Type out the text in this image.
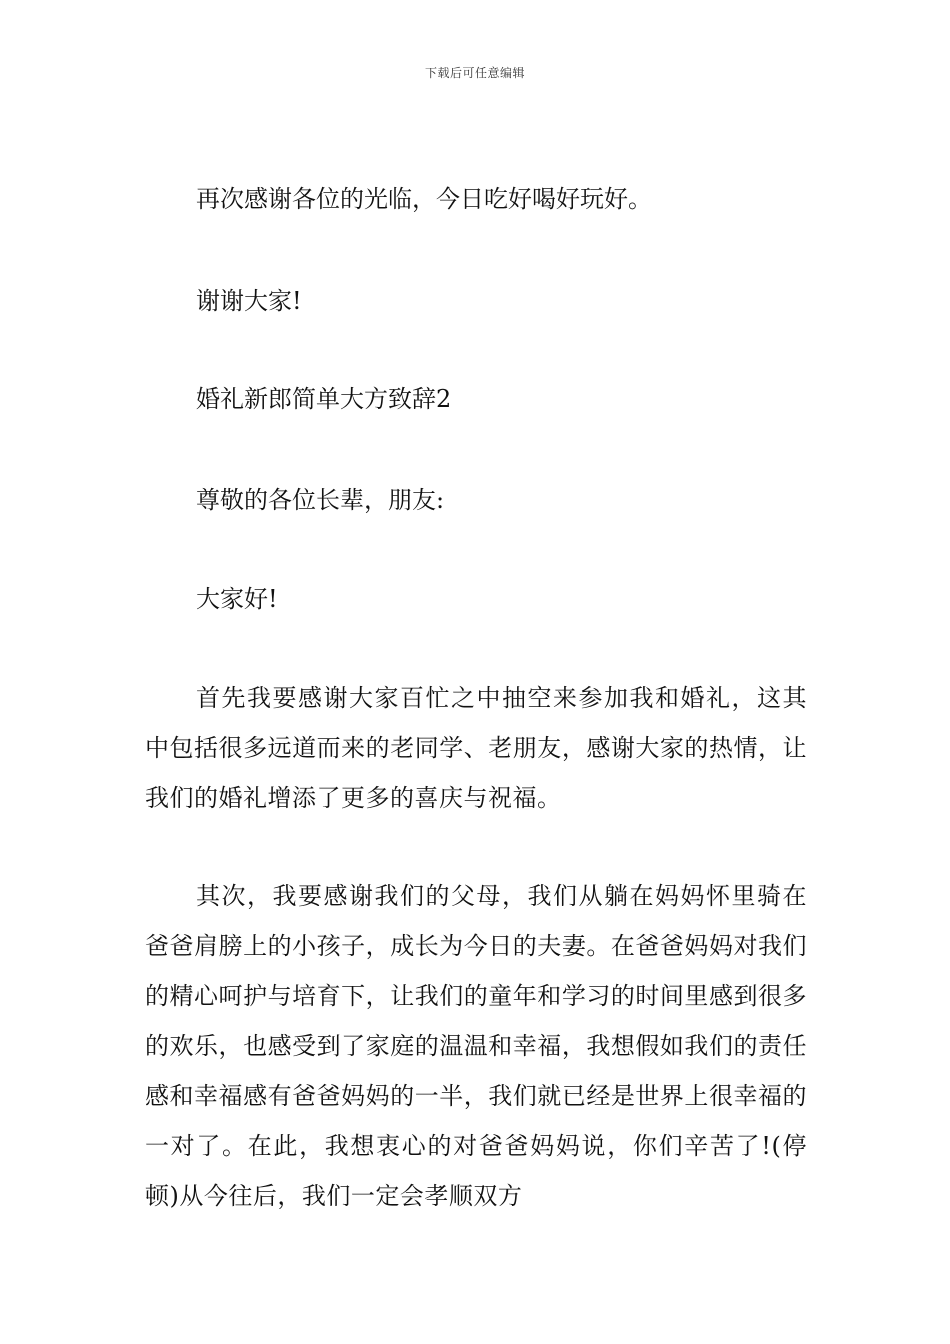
下载后可任意编辑
再次感谢各位的光临，今日吃好喝好玩好。
谢谢大家!
婚礼新郎简单大方致辞2
尊敬的各位长辈，朋友:
大家好!
首先我要感谢大家百忙之中抽空来参加我和婚礼，这其中包括很多远道而来的老同学、老朋友，感谢大家的热情，让我们的婚礼增添了更多的喜庆与祝福。
其次，我要感谢我们的父母，我们从躺在妈妈怀里骑在爸爸肩膀上的小孩子，成长为今日的夫妻。在爸爸妈妈对我们的精心呵护与培育下，让我们的童年和学习的时间里感到很多的欢乐，也感受到了家庭的温温和幸福，我想假如我们的责任感和幸福感有爸爸妈妈的一半，我们就已经是世界上很幸福的一对了。在此，我想衷心的对爸爸妈妈说，你们辛苦了!(停顿)从今往后，我们一定会孝顺双方
